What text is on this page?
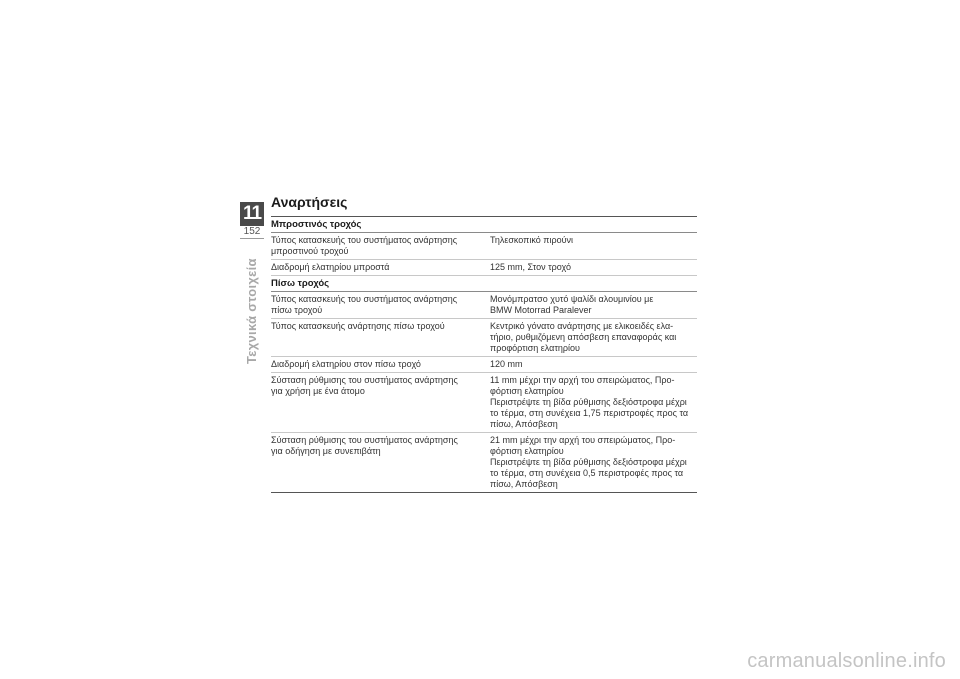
11
152
Τεχνικά στοιχεία
Αναρτήσεις
Μπροστινός τροχός	

Τύπος κατασκευής του συστήματος ανάρτησης
μπροστινού τροχού	Τηλεσκοπικό πιρούνι

Διαδρομή ελατηρίου μπροστά	125 mm, Στον τροχό

Πίσω τροχός	

Τύπος κατασκευής του συστήματος ανάρτησης
πίσω τροχού	Μονόμπρατσο χυτό ψαλίδι αλουμινίου με
BMW Motorrad Paralever

Τύπος κατασκευής ανάρτησης πίσω τροχού	Κεντρικό γόνατο ανάρτησης με ελικοειδές ελα-
τήριο, ρυθμιζόμενη απόσβεση επαναφοράς και
προφόρτιση ελατηρίου

Διαδρομή ελατηρίου στον πίσω τροχό	120 mm

Σύσταση ρύθμισης του συστήματος ανάρτησης
για χρήση με ένα άτομο	11 mm μέχρι την αρχή του σπειρώματος, Προ-
φόρτιση ελατηρίου
Περιστρέψτε τη βίδα ρύθμισης δεξιόστροφα μέχρι
το τέρμα, στη συνέχεια 1,75 περιστροφές προς τα
πίσω, Απόσβεση

Σύσταση ρύθμισης του συστήματος ανάρτησης
για οδήγηση με συνεπιβάτη	21 mm μέχρι την αρχή του σπειρώματος, Προ-
φόρτιση ελατηρίου
Περιστρέψτε τη βίδα ρύθμισης δεξιόστροφα μέχρι
το τέρμα, στη συνέχεια 0,5 περιστροφές προς τα
πίσω, Απόσβεση
carmanualsonline.info
